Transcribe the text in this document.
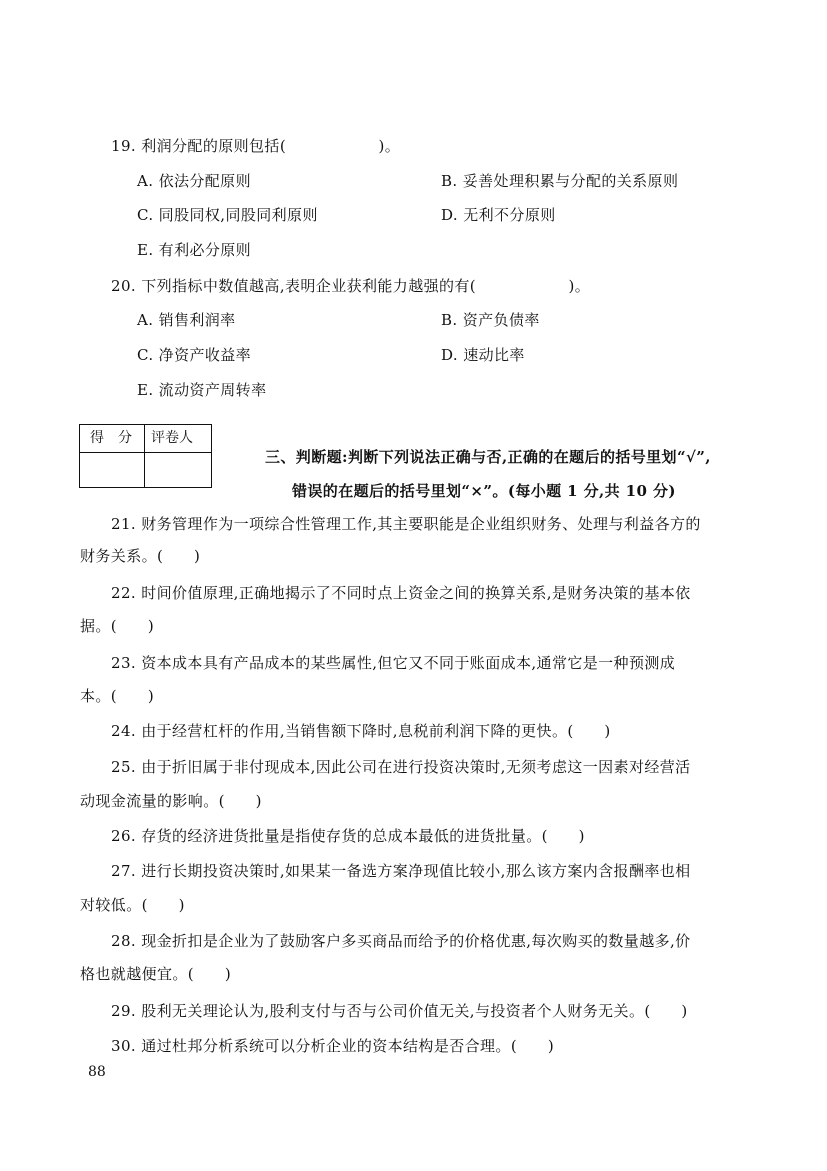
19. 利润分配的原则包括(　　　　　　)。
A. 依法分配原则	B. 妥善处理积累与分配的关系原则
C. 同股同权,同股同利原则	D. 无利不分原则
E. 有利必分原则
20. 下列指标中数值越高,表明企业获利能力越强的有(　　　　　　)。
A. 销售利润率	B. 资产负债率
C. 净资产收益率	D. 速动比率
E. 流动资产周转率
得　分 评卷人
三、判断题:判断下列说法正确与否,正确的在题后的括号里划“√”,
错误的在题后的括号里划“×”。(每小题 1 分,共 10 分)
21. 财务管理作为一项综合性管理工作,其主要职能是企业组织财务、处理与利益各方的
财务关系。(　　)
22. 时间价值原理,正确地揭示了不同时点上资金之间的换算关系,是财务决策的基本依
据。(　　)
23. 资本成本具有产品成本的某些属性,但它又不同于账面成本,通常它是一种预测成
本。(　　)
24. 由于经营杠杆的作用,当销售额下降时,息税前利润下降的更快。(　　)
25. 由于折旧属于非付现成本,因此公司在进行投资决策时,无须考虑这一因素对经营活
动现金流量的影响。(　　)
26. 存货的经济进货批量是指使存货的总成本最低的进货批量。(　　)
27. 进行长期投资决策时,如果某一备选方案净现值比较小,那么该方案内含报酬率也相
对较低。(　　)
28. 现金折扣是企业为了鼓励客户多买商品而给予的价格优惠,每次购买的数量越多,价
格也就越便宜。(　　)
29. 股利无关理论认为,股利支付与否与公司价值无关,与投资者个人财务无关。(　　)
30. 通过杜邦分析系统可以分析企业的资本结构是否合理。(　　)
88
